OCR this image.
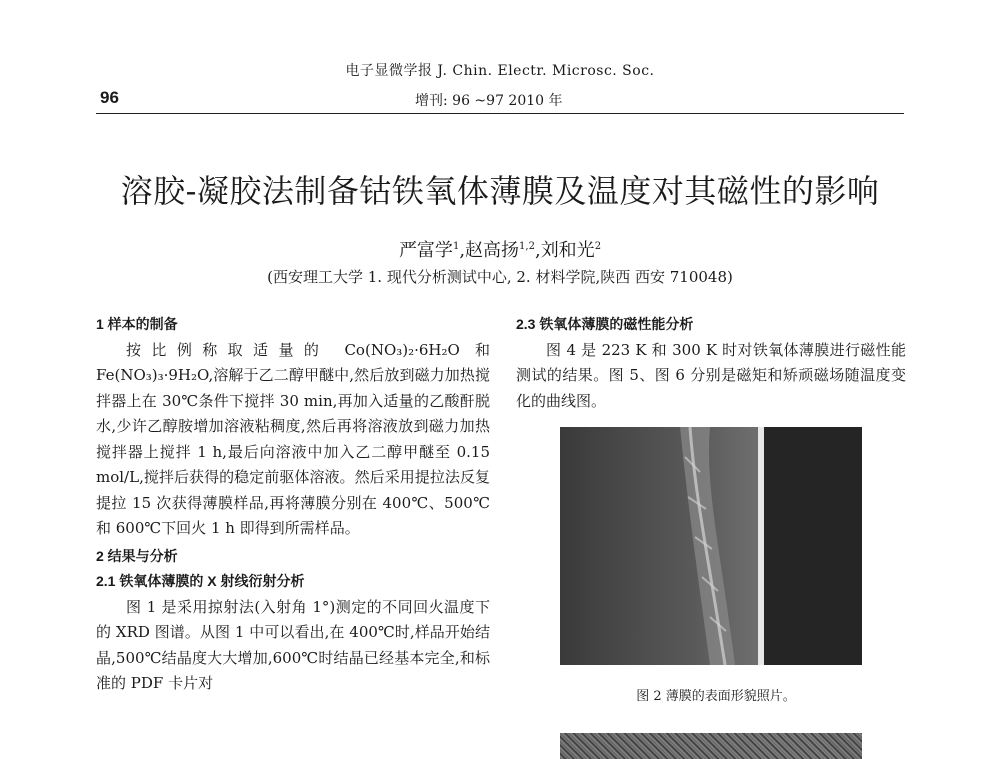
电子显微学报 J. Chin. Electr. Microsc. Soc.
96	增刊: 96 ~97 2010 年
溶胶-凝胶法制备钴铁氧体薄膜及温度对其磁性的影响
严富学$^1$,赵高扬$^{1,2}$,刘和光$^2$
(西安理工大学 1. 现代分析测试中心, 2. 材料学院,陕西 西安 710048)

1 样本的制备

按比例称取适量的 Co(NO₃)₂·6H₂O 和 Fe(NO₃)₃·9H₂O,溶解于乙二醇甲醚中,然后放到磁力加热搅拌器上在 30℃条件下搅拌 30 min,再加入适量的乙酸酐脱水,少许乙醇胺增加溶液粘稠度,然后再将溶液放到磁力加热搅拌器上搅拌 1 h,最后向溶液中加入乙二醇甲醚至 0.15 mol/L,搅拌后获得的稳定前驱体溶液。然后采用提拉法反复提拉 15 次获得薄膜样品,再将薄膜分别在 400℃、500℃ 和 600℃下回火 1 h 即得到所需样品。

2 结果与分析

2.1 铁氧体薄膜的 X 射线衍射分析

图 1 是采用掠射法(入射角 1°)测定的不同回火温度下的 XRD 图谱。从图 1 中可以看出,在 400℃时,样品开始结晶,500℃结晶度大大增加,600℃时结晶已经基本完全,和标准的 PDF 卡片对

2.3 铁氧体薄膜的磁性能分析

图 4 是 223 K 和 300 K 时对铁氧体薄膜进行磁性能测试的结果。图 5、图 6 分别是磁矩和矫顽磁场随温度变化的曲线图。

图 2 薄膜的表面形貌照片。
